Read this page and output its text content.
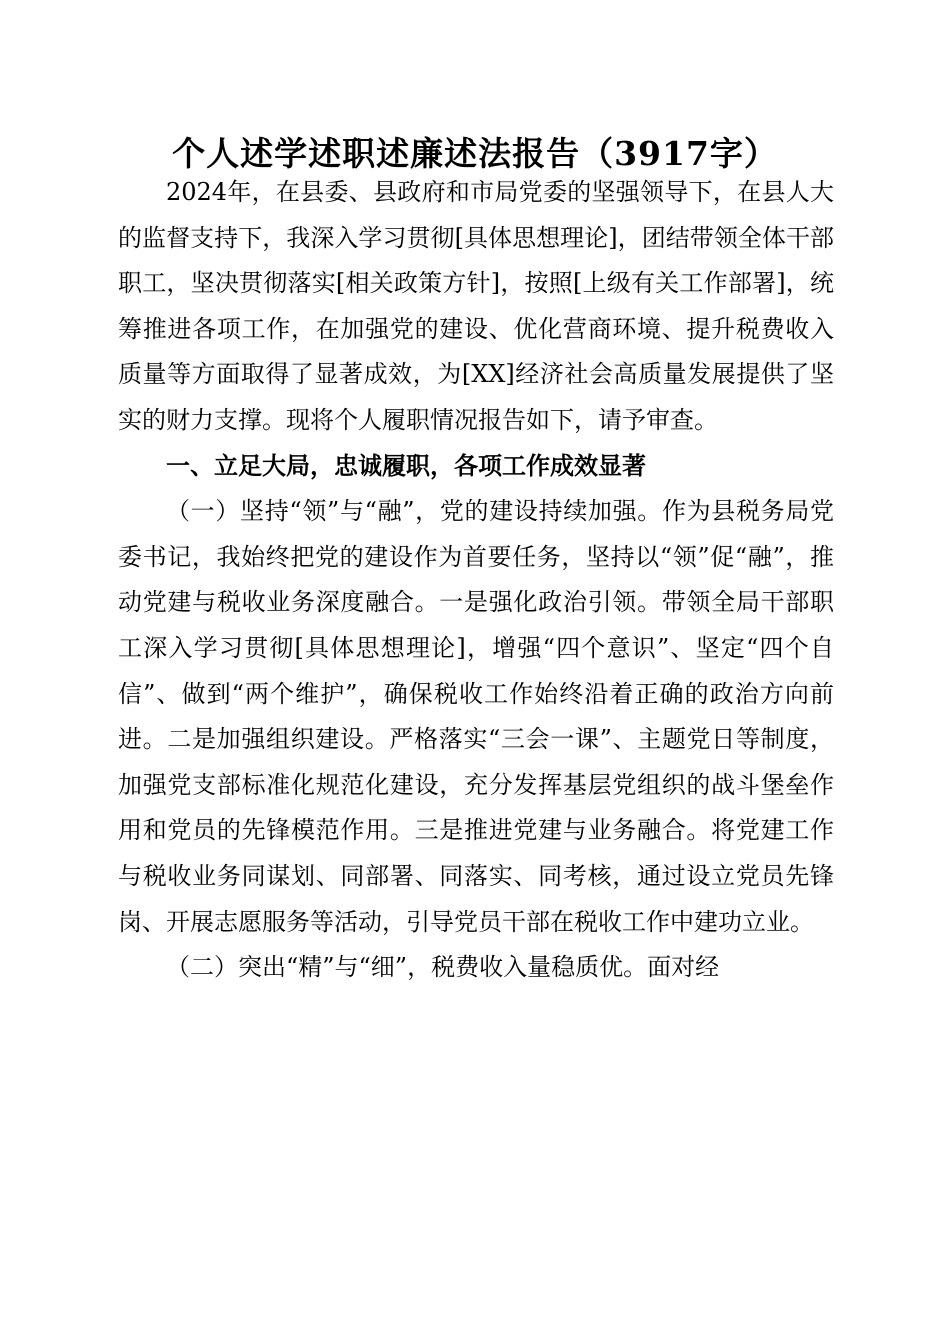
个人述学述职述廉述法报告（3917字）

2024年，在县委、县政府和市局党委的坚强领导下，在县人大的监督支持下，我深入学习贯彻[具体思想理论]，团结带领全体干部职工，坚决贯彻落实[相关政策方针]，按照[上级有关工作部署]，统筹推进各项工作，在加强党的建设、优化营商环境、提升税费收入质量等方面取得了显著成效，为[XX]经济社会高质量发展提供了坚实的财力支撑。现将个人履职情况报告如下，请予审查。

一、立足大局，忠诚履职，各项工作成效显著

（一）坚持“领”与“融”，党的建设持续加强。作为县税务局党委书记，我始终把党的建设作为首要任务，坚持以“领”促“融”，推动党建与税收业务深度融合。一是强化政治引领。带领全局干部职工深入学习贯彻[具体思想理论]，增强“四个意识”、坚定“四个自信”、做到“两个维护”，确保税收工作始终沿着正确的政治方向前进。二是加强组织建设。严格落实“三会一课”、主题党日等制度，加强党支部标准化规范化建设，充分发挥基层党组织的战斗堡垒作用和党员的先锋模范作用。三是推进党建与业务融合。将党建工作与税收业务同谋划、同部署、同落实、同考核，通过设立党员先锋岗、开展志愿服务等活动，引导党员干部在税收工作中建功立业。

（二）突出“精”与“细”，税费收入量稳质优。面对经
